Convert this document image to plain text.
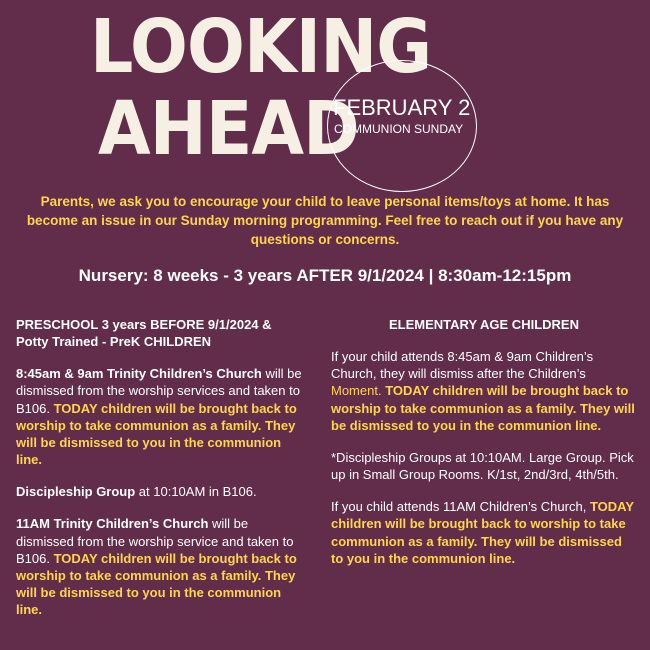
LOOKING
AHEAD
FEBRUARY 2
COMMUNION SUNDAY
Parents, we ask you to encourage your child to leave personal items/toys at home. It has become an issue in our Sunday morning programming. Feel free to reach out if you have any questions or concerns.
Nursery: 8 weeks - 3 years AFTER 9/1/2024 | 8:30am-12:15pm

PRESCHOOL 3 years BEFORE 9/1/2024 & Potty Trained - PreK CHILDREN

8:45am & 9am Trinity Children’s Church will be dismissed from the worship services and taken to B106. TODAY children will be brought back to worship to take communion as a family. They will be dismissed to you in the communion line.

Discipleship Group at 10:10AM in B106.

11AM Trinity Children’s Church will be dismissed from the worship service and taken to B106. TODAY children will be brought back to worship to take communion as a family. They will be dismissed to you in the communion line.

ELEMENTARY AGE CHILDREN

If your child attends 8:45am & 9am Children’s Church, they will dismiss after the Children’s Moment. TODAY children will be brought back to worship to take communion as a family. They will be dismissed to you in the communion line.

*Discipleship Groups at 10:10AM. Large Group. Pick up in Small Group Rooms. K/1st, 2nd/3rd, 4th/5th.

If you child attends 11AM Children’s Church, TODAY children will be brought back to worship to take communion as a family. They will be dismissed to you in the communion line.
